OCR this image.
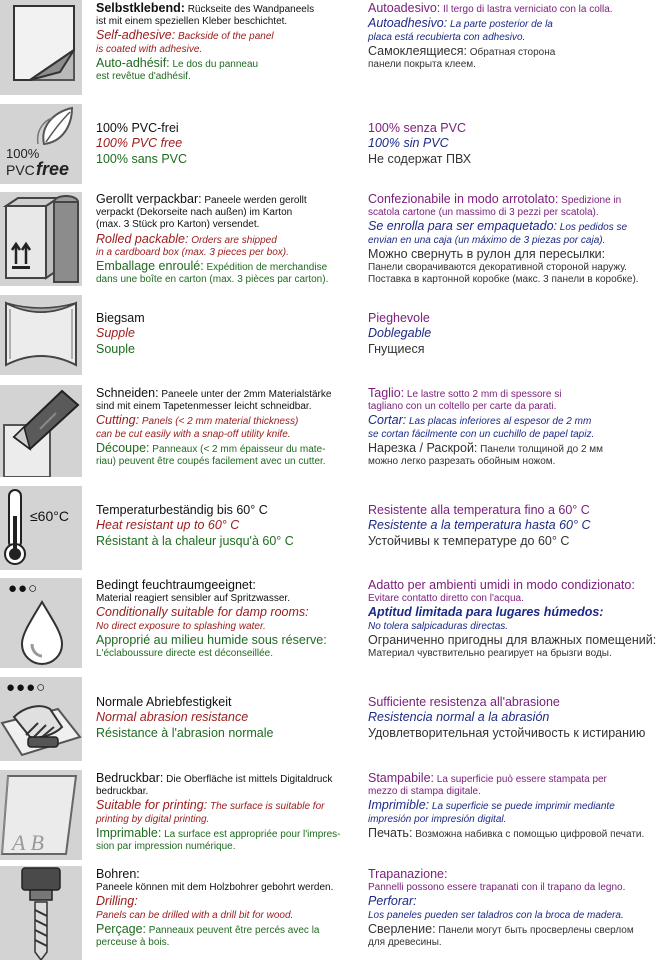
Selbstklebend: Rückseite des Wandpaneels
ist mit einem speziellen Kleber beschichtet.
Self-adhesive: Backside of the panel
is coated with adhesive.
Auto-adhésif: Le dos du panneau
est revêtue d'adhésif.
Autoadesivo: Il tergo di lastra verniciato con la colla.
Autoadhesivo: La parte posterior de la
placa está recubierta con adhesivo.
Самоклеящиеся: Обратная сторона
панели покрыта клеем.
100%
PVC free
100% PVC-frei
100% PVC free
100% sans PVC
100% senza PVC
100% sin PVC
Не содержат ПВХ
Gerollt verpackbar: Paneele werden gerollt
verpackt (Dekorseite nach außen) im Karton
(max. 3 Stück pro Karton) versendet.
Rolled packable: Orders are shipped
in a cardboard box (max. 3 pieces per box).
Emballage enroulé: Expédition de merchandise
dans une boîte en carton (max. 3 pièces par carton).
Confezionabile in modo arrotolato: Spedizione in
scatola cartone (un massimo di 3 pezzi per scatola).
Se enrolla para ser empaquetado: Los pedidos se
envian en una caja (un máximo de 3 piezas por caja).
Можно свернуть в рулон для пересылки:
Панели сворачиваются декоративной стороной наружу.
Поставка в картонной коробке (макс. 3 панели в коробке).
Biegsam
Supple
Souple
Pieghevole
Doblegable
Гнущиеся
Schneiden: Paneele unter der 2mm Materialstärke
sind mit einem Tapetenmesser leicht schneidbar.
Cutting: Panels (< 2 mm material thickness)
can be cut easily with a snap-off utility knife.
Découpe: Panneaux (< 2 mm épaisseur du mate-
riau) peuvent être coupés facilement avec un cutter.
Taglio: Le lastre sotto 2 mm di spessore si
tagliano con un coltello per carte da parati.
Cortar: Las placas inferiores al espesor de 2 mm
se cortan fácilmente con un cuchillo de papel tapiz.
Нарезка / Раскрой: Панели толщиной до 2 мм
можно легко разрезать обойным ножом.
≤60°C Temperaturbeständig bis 60° C
Heat resistant up to 60° C
Résistant à la chaleur jusqu'à 60° C
Resistente alla temperatura fino a 60° C
Resistente a la temperatura hasta 60° C
Устойчивы к температуре до 60° С
●●○	Bedingt feuchtraumgeeignet:
Material reagiert sensibler auf Spritzwasser.
Conditionally suitable for damp rooms:
No direct exposure to splashing water.
Approprié au milieu humide sous réserve:
L'éclaboussure directe est déconseillée.
Adatto per ambienti umidi in modo condizionato:
Evitare contatto diretto con l'acqua.
Aptitud limitada para lugares húmedos:
No tolera salpicaduras directas.
Ограниченно пригодны для влажных помещений:
Материал чувствительно реагирует на брызги воды.
●●●○
Normale Abriebfestigkeit
Normal abrasion resistance
Résistance à l'abrasion normale
Sufficiente resistenza all'abrasione
Resistencia normal a la abrasión
Удовлетворительная устойчивость к истиранию
A B
Bedruckbar: Die Oberfläche ist mittels Digitaldruck
bedruckbar.
Suitable for printing: The surface is suitable for
printing by digital printing.
Imprimable: La surface est appropriée pour l'impres-
sion par impression numérique.
Stampabile: La superficie può essere stampata per
mezzo di stampa digitale.
Imprimible: La superficie se puede imprimir mediante
impresión por impresión digital.
Печать: Возможна набивка с помощью цифровой печати.
Bohren:
Paneele können mit dem Holzbohrer gebohrt werden.
Drilling:
Panels can be drilled with a drill bit for wood.
Perçage: Panneaux peuvent être percés avec la
perceuse à bois.
Trapanazione:
Pannelli possono essere trapanati con il trapano da legno.
Perforar:
Los paneles pueden ser taladros con la broca de madera.
Сверление: Панели могут быть просверлены сверлом
для древесины.
